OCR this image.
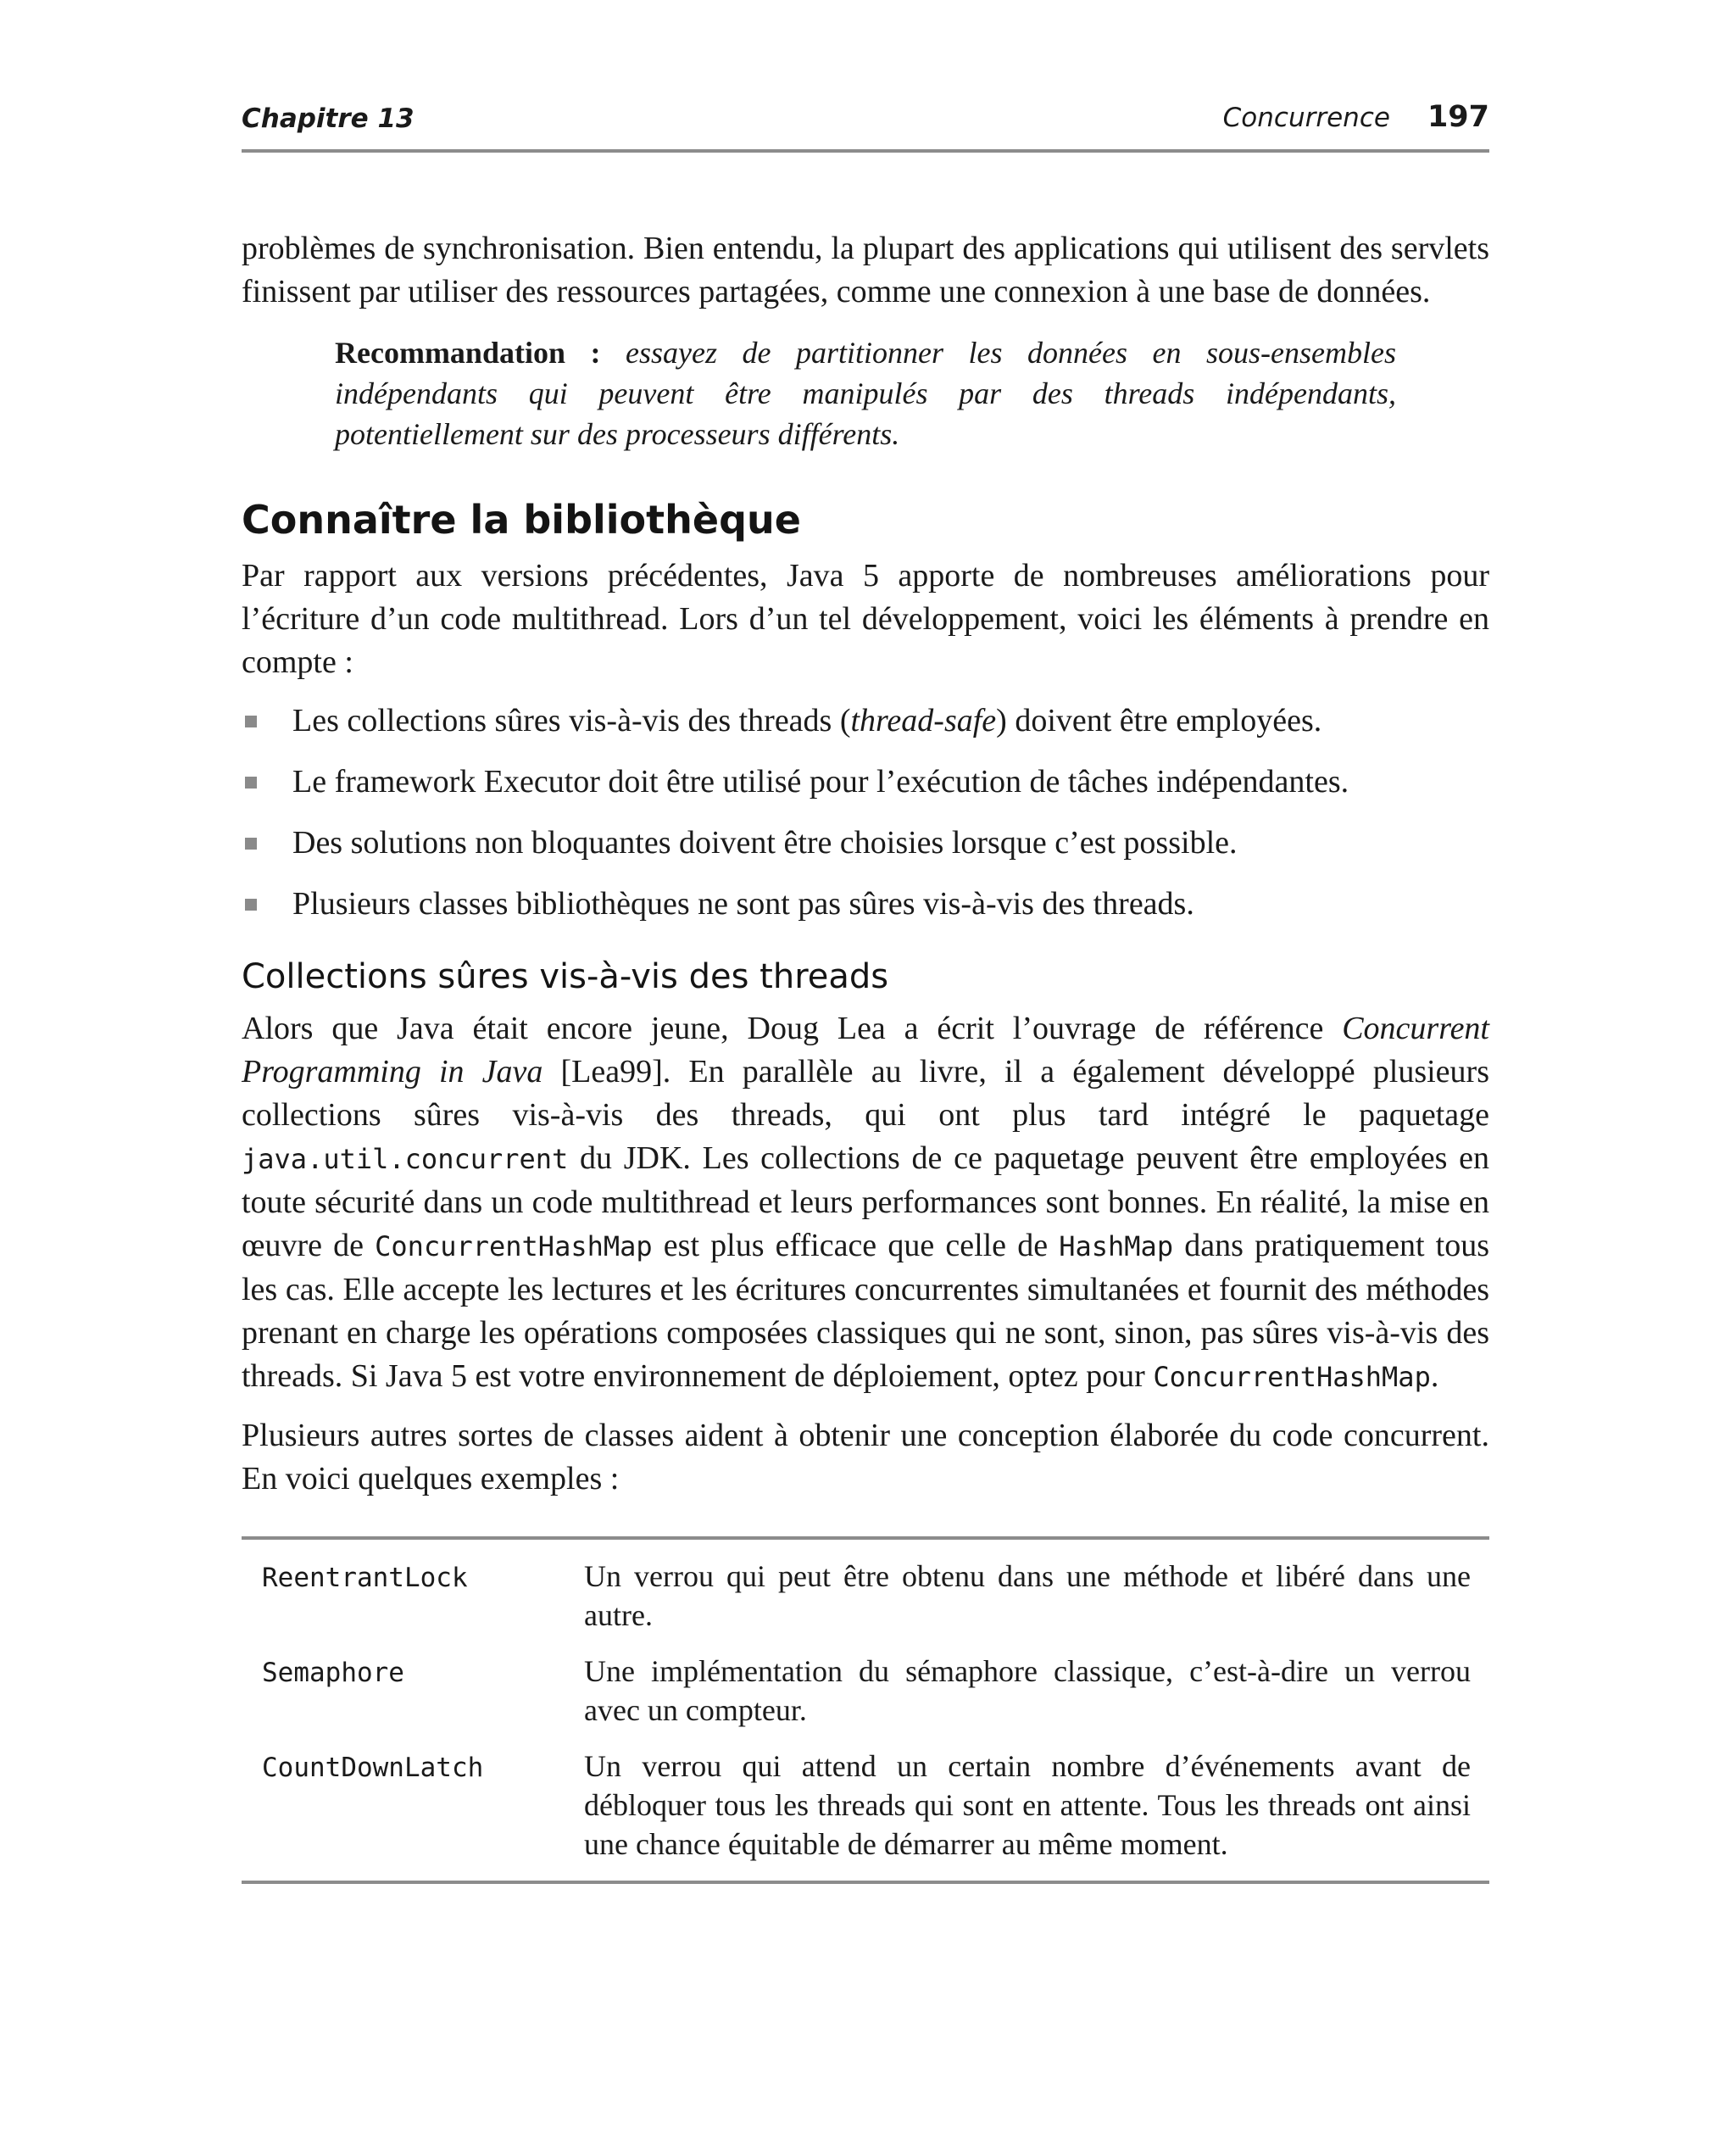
Chapitre 13	Concurrence 197

problèmes de synchronisation. Bien entendu, la plupart des applications qui utilisent des servlets finissent par utiliser des ressources partagées, comme une connexion à une base de données.

Recommandation : essayez de partitionner les données en sous-ensembles indépendants qui peuvent être manipulés par des threads indépendants, potentiellement sur des processeurs différents.
Connaître la bibliothèque

Par rapport aux versions précédentes, Java 5 apporte de nombreuses améliorations pour l’écriture d’un code multithread. Lors d’un tel développement, voici les éléments à prendre en compte :

Les collections sûres vis-à-vis des threads (thread-safe) doivent être employées.
Le framework Executor doit être utilisé pour l’exécution de tâches indépendantes.
Des solutions non bloquantes doivent être choisies lorsque c’est possible.
Plusieurs classes bibliothèques ne sont pas sûres vis-à-vis des threads.
Collections sûres vis-à-vis des threads

Alors que Java était encore jeune, Doug Lea a écrit l’ouvrage de référence Concurrent Programming in Java [Lea99]. En parallèle au livre, il a également développé plusieurs collections sûres vis-à-vis des threads, qui ont plus tard intégré le paquetage java.util.concurrent du JDK. Les collections de ce paquetage peuvent être employées en toute sécurité dans un code multithread et leurs performances sont bonnes. En réalité, la mise en œuvre de ConcurrentHashMap est plus efficace que celle de HashMap dans pratiquement tous les cas. Elle accepte les lectures et les écritures concurrentes simultanées et fournit des méthodes prenant en charge les opérations composées classiques qui ne sont, sinon, pas sûres vis-à-vis des threads. Si Java 5 est votre environnement de déploiement, optez pour ConcurrentHashMap.

Plusieurs autres sortes de classes aident à obtenir une conception élaborée du code concurrent. En voici quelques exemples :

ReentrantLock	Un verrou qui peut être obtenu dans une méthode et libéré dans une autre.
Semaphore	Une implémentation du sémaphore classique, c’est-à-dire un verrou avec un compteur.
CountDownLatch	Un verrou qui attend un certain nombre d’événements avant de débloquer tous les threads qui sont en attente. Tous les threads ont ainsi une chance équitable de démarrer au même moment.
